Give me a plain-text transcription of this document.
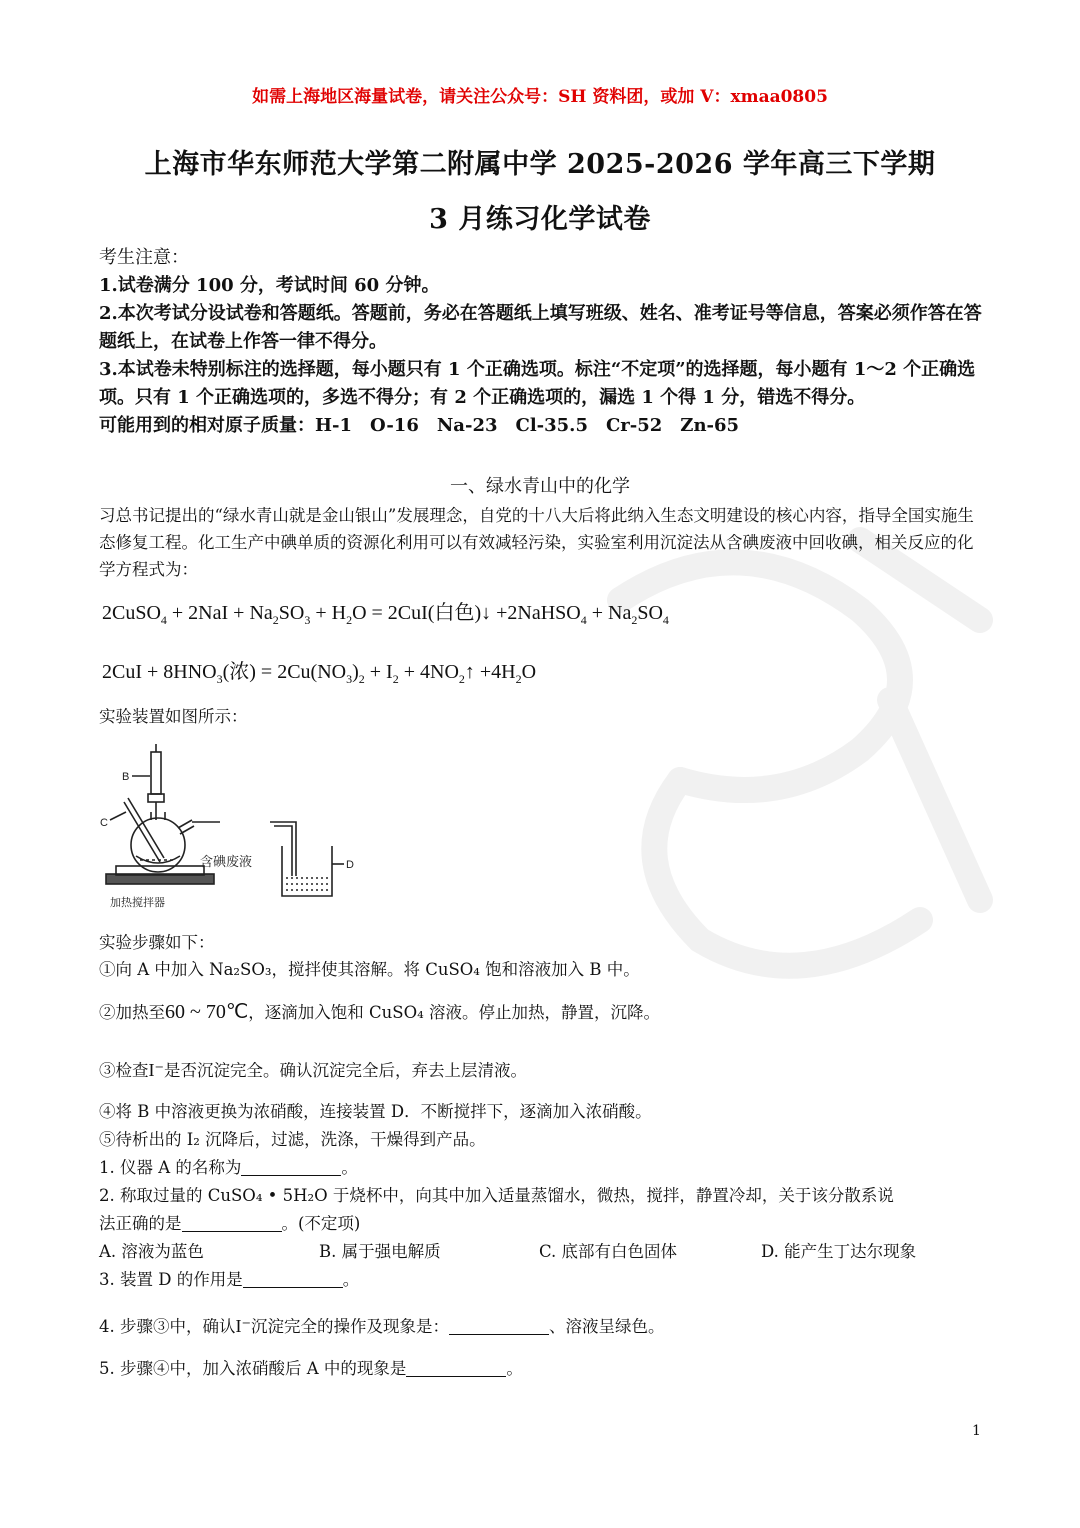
如需上海地区海量试卷，请关注公众号：SH 资料团，或加 V：xmaa0805
上海市华东师范大学第二附属中学 2025-2026 学年高三下学期
3 月练习化学试卷

考生注意：

1.试卷满分 100 分，考试时间 60 分钟。

2.本次考试分设试卷和答题纸。答题前，务必在答题纸上填写班级、姓名、准考证号等信息，答案必须作答在答题纸上，在试卷上作答一律不得分。

3.本试卷未特别标注的选择题，每小题只有 1 个正确选项。标注“不定项”的选择题，每小题有 1～2 个正确选项。只有 1 个正确选项的，多选不得分；有 2 个正确选项的，漏选 1 个得 1 分，错选不得分。

可能用到的相对原子质量：H-1　O-16　Na-23　Cl-35.5　Cr-52　Zn-65

一、绿水青山中的化学
习总书记提出的“绿水青山就是金山银山”发展理念，自党的十八大后将此纳入生态文明建设的核心内容，指导全国实施生态修复工程。化工生产中碘单质的资源化利用可以有效减轻污染，实验室利用沉淀法从含碘废液中回收碘，相关反应的化学方程式为：
2CuSO$_4$ + $2NaI + Na_2SO_3 + H_2O = 2CuI$(白色)↓ +2NaHSO$_4$ + $Na_2SO_4$
$2CuI + 8HNO_3$(浓) = $2Cu(NO_3)_2 + I_2$ + $4NO_2↑ +4H_2O$
实验装置如图所示：
B
C
D
含碘废液
加热搅拌器
实验步骤如下：
①向 A 中加入 Na₂SO₃，搅拌使其溶解。将 CuSO₄ 饱和溶液加入 B 中。
②加热至60 ~ 70℃，逐滴加入饱和 CuSO₄ 溶液。停止加热，静置，沉降。
③检查I⁻是否沉淀完全。确认沉淀完全后，弃去上层清液。
④将 B 中溶液更换为浓硝酸，连接装置 D．不断搅拌下，逐滴加入浓硝酸。
⑤待析出的 I₂ 沉降后，过滤，洗涤，干燥得到产品。
1. 仪器 A 的名称为	。
2. 称取过量的 CuSO₄ • 5H₂O 于烧杯中，向其中加入适量蒸馏水，微热，搅拌，静置冷却，关于该分散系说
法正确的是	。(不定项)
A. 溶液为蓝色	B. 属于强电解质	C. 底部有白色固体	D. 能产生丁达尔现象
3. 装置 D 的作用是	。
4. 步骤③中，确认I⁻沉淀完全的操作及现象是：	、溶液呈绿色。
5. 步骤④中，加入浓硝酸后 A 中的现象是	。
1
